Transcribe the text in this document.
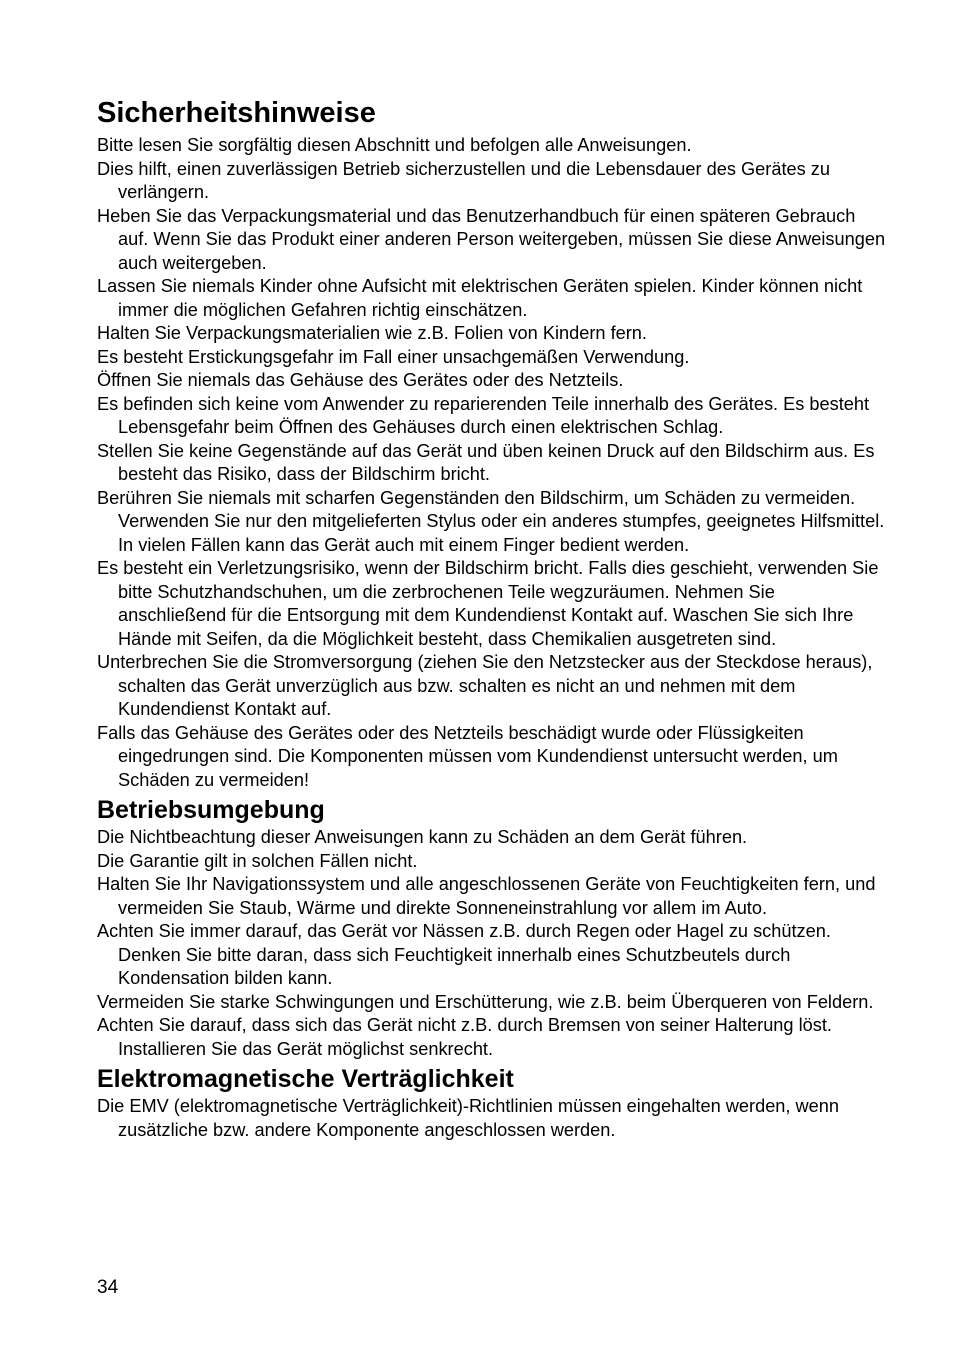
Sicherheitshinweise

Bitte lesen Sie sorgfältig diesen Abschnitt und befolgen alle Anweisungen.

Dies hilft, einen zuverlässigen Betrieb sicherzustellen und die Lebensdauer des Gerätes zu verlängern.

Heben Sie das Verpackungsmaterial und das Benutzerhandbuch für einen späteren Gebrauch auf. Wenn Sie das Produkt einer anderen Person weitergeben, müssen Sie diese Anweisungen auch weitergeben.

Lassen Sie niemals Kinder ohne Aufsicht mit elektrischen Geräten spielen. Kinder können nicht immer die möglichen Gefahren richtig einschätzen.

Halten Sie Verpackungsmaterialien wie z.B. Folien von Kindern fern.

Es besteht Erstickungsgefahr im Fall einer unsachgemäßen Verwendung.

Öffnen Sie niemals das Gehäuse des Gerätes oder des Netzteils.

Es befinden sich keine vom Anwender zu reparierenden Teile innerhalb des Gerätes. Es besteht Lebensgefahr beim Öffnen des Gehäuses durch einen elektrischen Schlag.

Stellen Sie keine Gegenstände auf das Gerät und üben keinen Druck auf den Bildschirm aus. Es besteht das Risiko, dass der Bildschirm bricht.

Berühren Sie niemals mit scharfen Gegenständen den Bildschirm, um Schäden zu vermeiden. Verwenden Sie nur den mitgelieferten Stylus oder ein anderes stumpfes, geeignetes Hilfsmittel. In vielen Fällen kann das Gerät auch mit einem Finger bedient werden.

Es besteht ein Verletzungsrisiko, wenn der Bildschirm bricht. Falls dies geschieht, verwenden Sie bitte Schutzhandschuhen, um die zerbrochenen Teile wegzuräumen. Nehmen Sie anschließend für die Entsorgung mit dem Kundendienst Kontakt auf. Waschen Sie sich Ihre Hände mit Seifen, da die Möglichkeit besteht, dass Chemikalien ausgetreten sind.

Unterbrechen Sie die Stromversorgung (ziehen Sie den Netzstecker aus der Steckdose heraus), schalten das Gerät unverzüglich aus bzw. schalten es nicht an und nehmen mit dem Kundendienst Kontakt auf.

Falls das Gehäuse des Gerätes oder des Netzteils beschädigt wurde oder Flüssigkeiten eingedrungen sind. Die Komponenten müssen vom Kundendienst untersucht werden, um Schäden zu vermeiden!

Betriebsumgebung

Die Nichtbeachtung dieser Anweisungen kann zu Schäden an dem Gerät führen.

Die Garantie gilt in solchen Fällen nicht.

Halten Sie Ihr Navigationssystem und alle angeschlossenen Geräte von Feuchtigkeiten fern, und vermeiden Sie Staub, Wärme und direkte Sonneneinstrahlung vor allem im Auto.

Achten Sie immer darauf, das Gerät vor Nässen z.B. durch Regen oder Hagel zu schützen. Denken Sie bitte daran, dass sich Feuchtigkeit innerhalb eines Schutzbeutels durch Kondensation bilden kann.

Vermeiden Sie starke Schwingungen und Erschütterung, wie z.B. beim Überqueren von Feldern.

Achten Sie darauf, dass sich das Gerät nicht z.B. durch Bremsen von seiner Halterung löst. Installieren Sie das Gerät möglichst senkrecht.

Elektromagnetische Verträglichkeit

Die EMV (elektromagnetische Verträglichkeit)-Richtlinien müssen eingehalten werden, wenn zusätzliche bzw. andere Komponente angeschlossen werden.

34
